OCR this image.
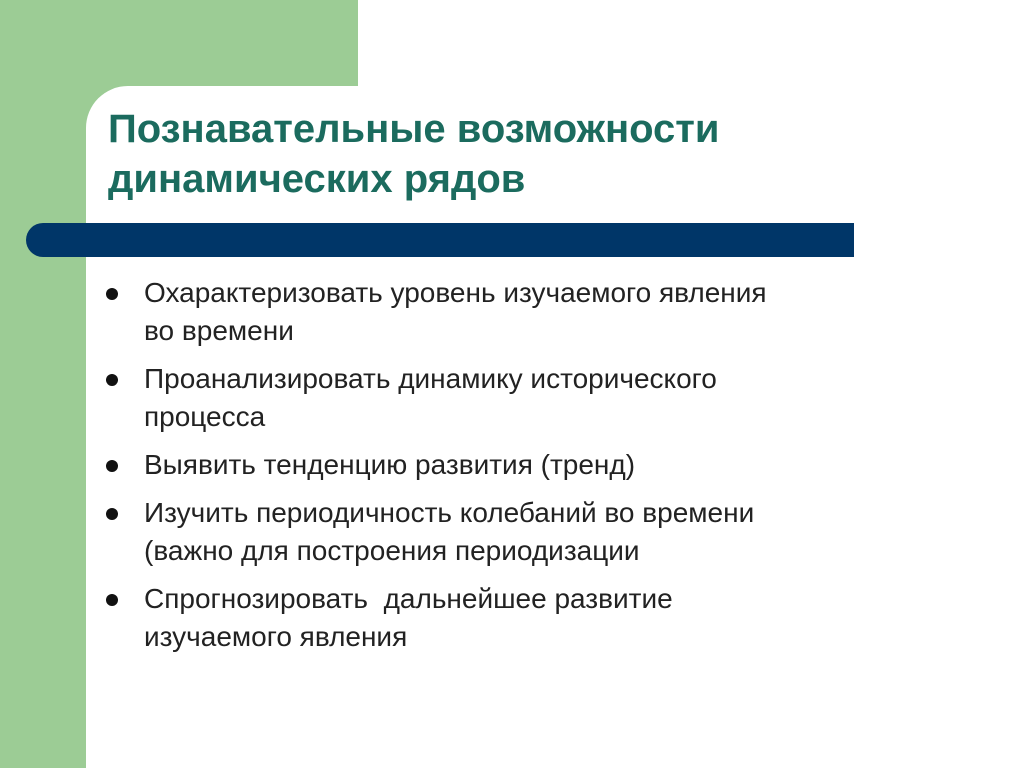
Познавательные возможности
динамических рядов
Охарактеризовать уровень изучаемого явления
во времени
Проанализировать динамику исторического
процесса
Выявить тенденцию развития (тренд)
Изучить периодичность колебаний во времени
(важно для построения периодизации
Спрогнозировать  дальнейшее развитие
изучаемого явления
